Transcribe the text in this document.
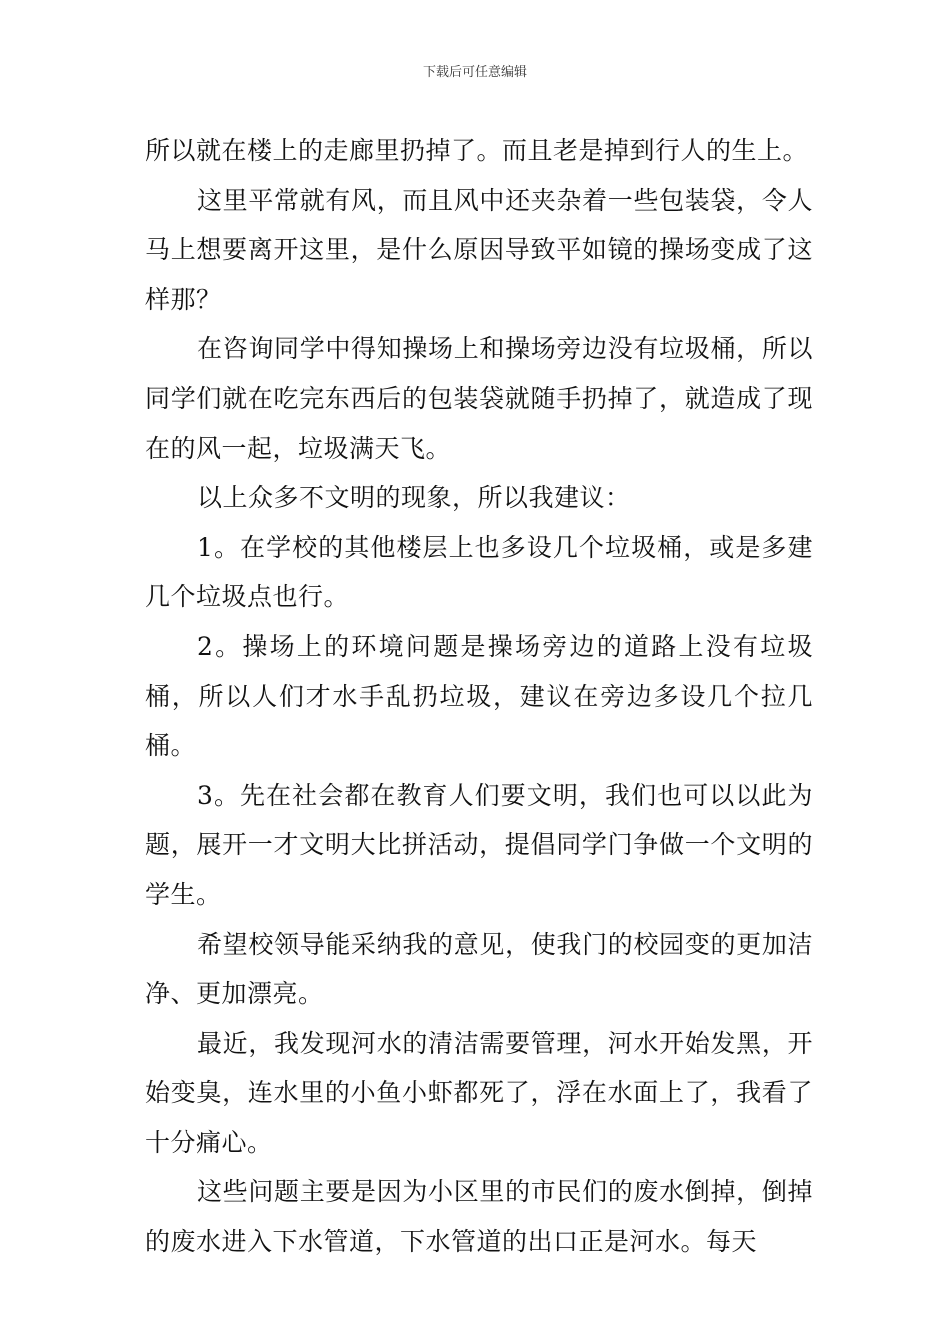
下载后可任意编辑

所以就在楼上的走廊里扔掉了。而且老是掉到行人的生上。

这里平常就有风，而且风中还夹杂着一些包装袋，令人马上想要离开这里，是什么原因导致平如镜的操场变成了这样那？

在咨询同学中得知操场上和操场旁边没有垃圾桶，所以同学们就在吃完东西后的包装袋就随手扔掉了，就造成了现在的风一起，垃圾满天飞。

以上众多不文明的现象，所以我建议：

1。在学校的其他楼层上也多设几个垃圾桶，或是多建几个垃圾点也行。

2。操场上的环境问题是操场旁边的道路上没有垃圾桶，所以人们才水手乱扔垃圾，建议在旁边多设几个拉几桶。

3。先在社会都在教育人们要文明，我们也可以以此为题，展开一才文明大比拼活动，提倡同学门争做一个文明的学生。

希望校领导能采纳我的意见，使我门的校园变的更加洁净、更加漂亮。

最近，我发现河水的清洁需要管理，河水开始发黑，开始变臭，连水里的小鱼小虾都死了，浮在水面上了，我看了十分痛心。

这些问题主要是因为小区里的市民们的废水倒掉，倒掉的废水进入下水管道，下水管道的出口正是河水。每天
